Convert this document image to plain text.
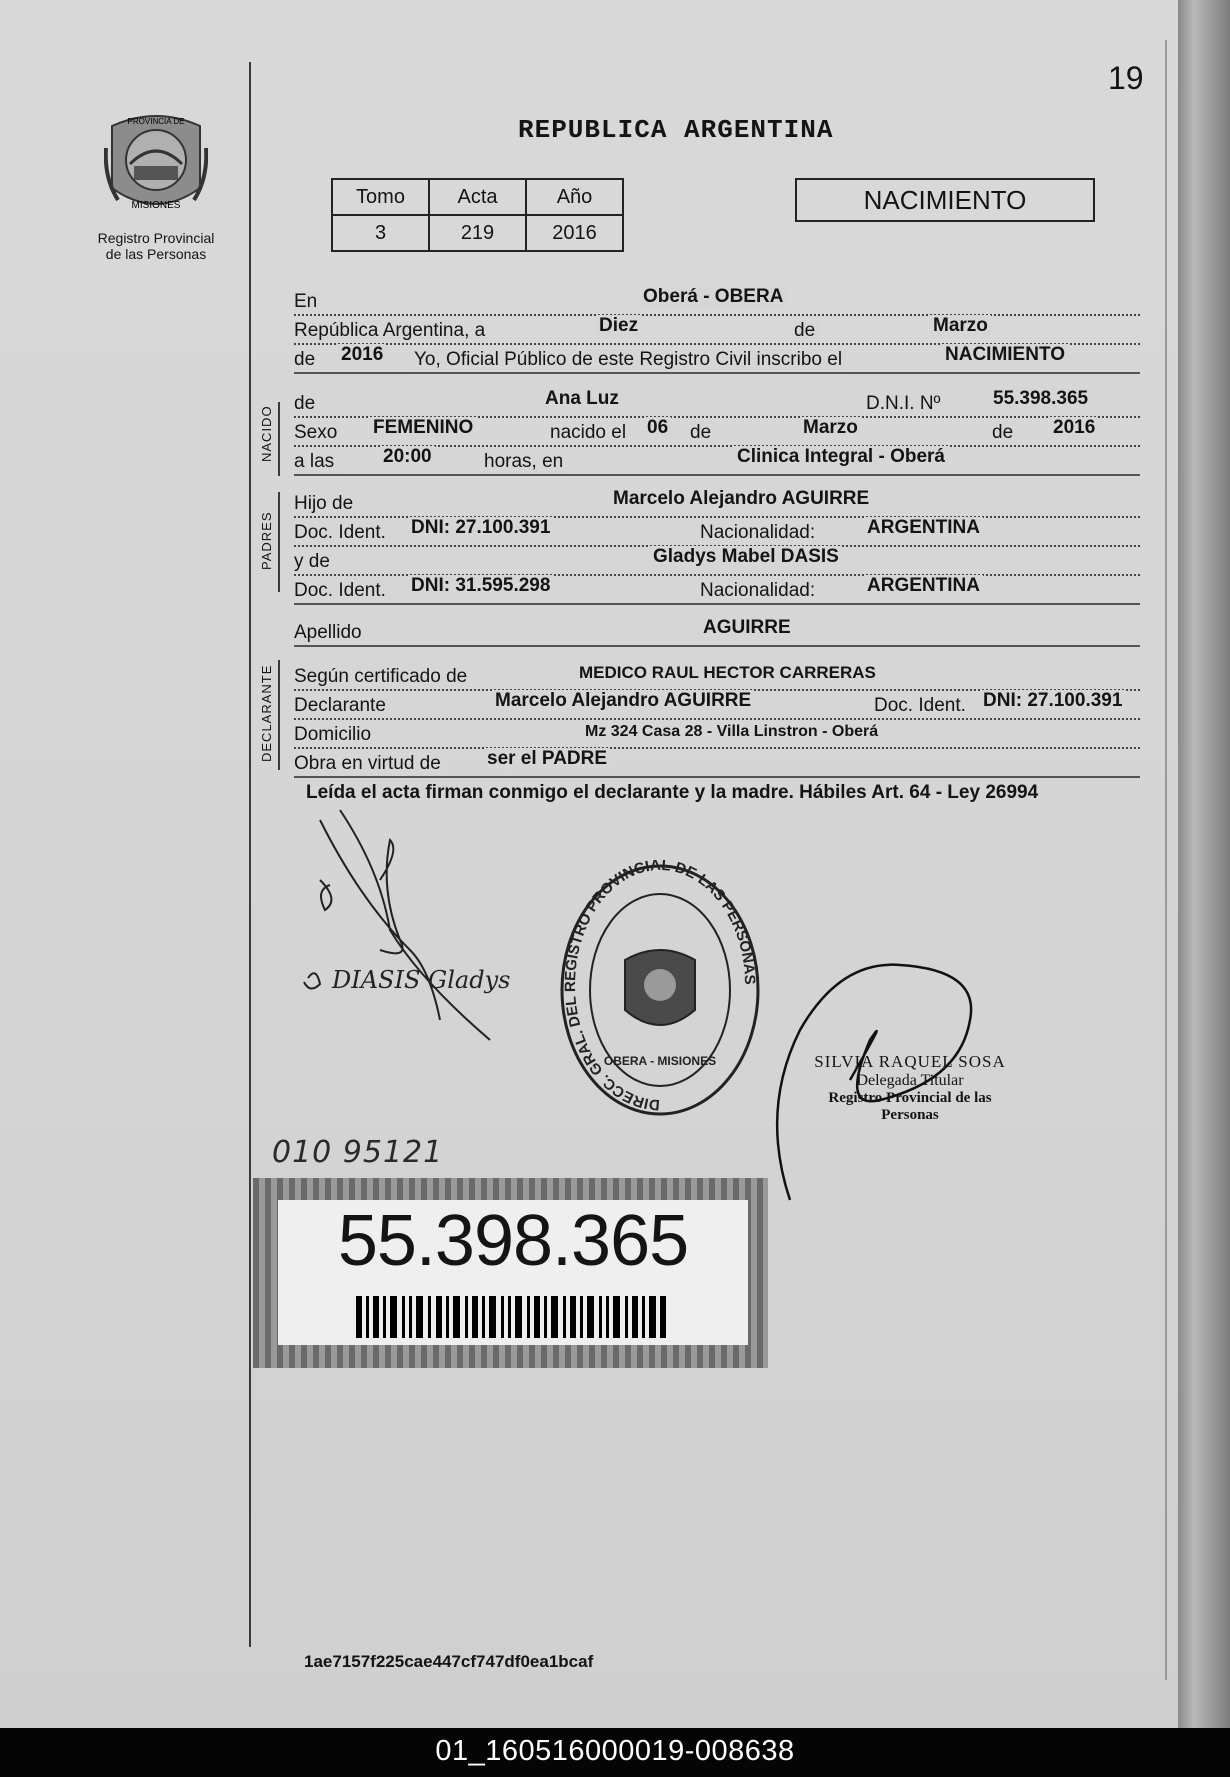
19
REPUBLICA ARGENTINA
PROVINCIA DE
MISIONES
Registro Provincial
de las Personas
Tomo	Acta	Año
3	219	2016
NACIMIENTO
NACIDO
PADRES
DECLARANTE
En	Oberá - OBERA
República Argentina, a	Diez	de	Marzo
de 2016 Yo, Oficial Público de este Registro Civil inscribo el	NACIMIENTO
de	Ana Luz	D.N.I. Nº	55.398.365
Sexo FEMENINO	nacido el 06 de	Marzo	de 2016
a las	20:00	horas, en	Clinica Integral - Oberá
Hijo de	Marcelo Alejandro AGUIRRE
Doc. Ident. DNI: 27.100.391	Nacionalidad:	ARGENTINA
y de	Gladys Mabel DASIS
Doc. Ident. DNI: 31.595.298	Nacionalidad:	ARGENTINA
Apellido	AGUIRRE
Según certificado de	MEDICO RAUL HECTOR CARRERAS
Declarante	Marcelo Alejandro AGUIRRE	Doc. Ident. DNI: 27.100.391
Domicilio	Mz 324 Casa 28 - Villa Linstron - Oberá
Obra en virtud de ser el PADRE
Leída el acta firman conmigo el declarante y la madre. Hábiles Art. 64 - Ley 26994
DIASIS Gladys
DIRECC. GRAL. DEL REGISTRO PROVINCIAL DE LAS PERSONAS
OBERA - MISIONES	SILVIA RAQUEL SOSA
Delegada Titular
Registro Provincial de las Personas
010 95121
55.398.365
1ae7157f225cae447cf747df0ea1bcaf
01_160516000019-008638
